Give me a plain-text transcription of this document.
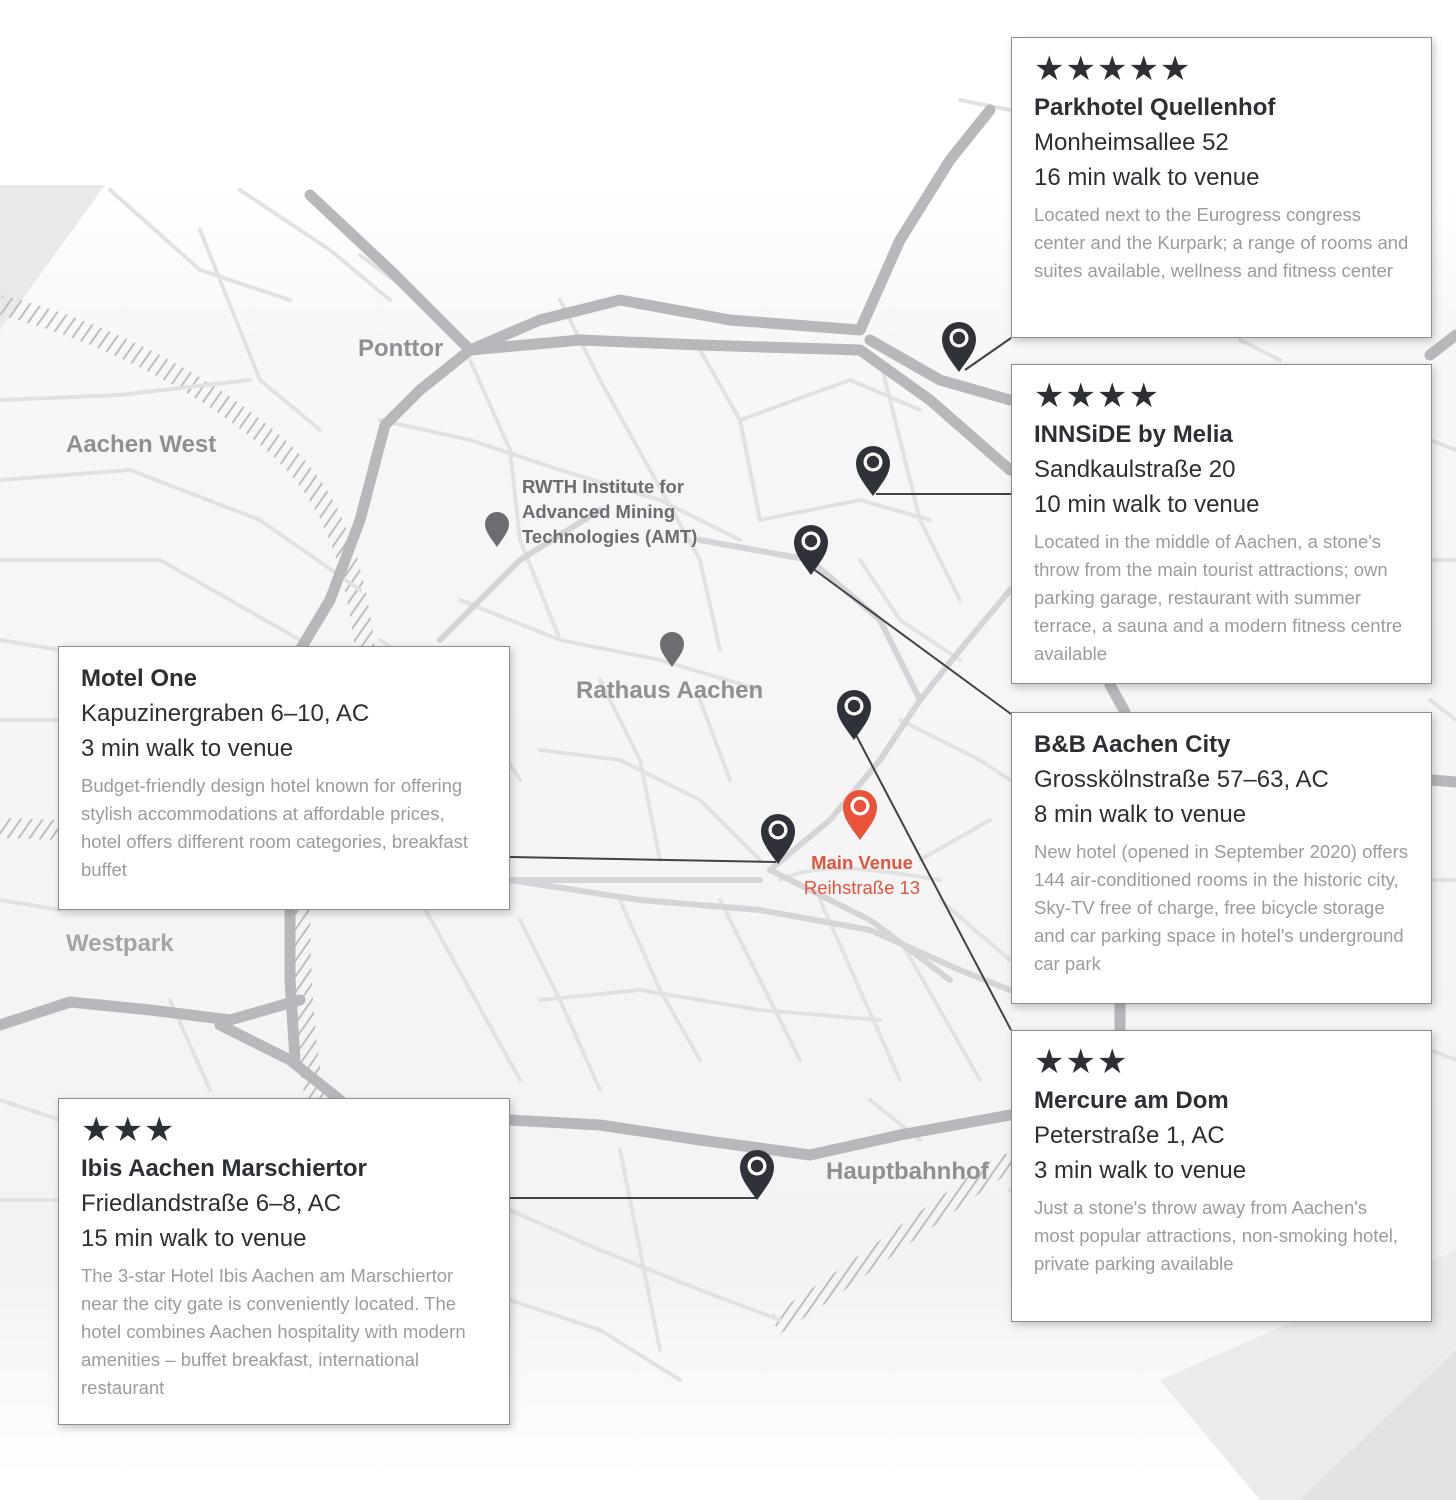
Ponttor
Aachen West
Westpark
Rathaus Aachen
Hauptbahnhof
RWTH Institute for
Advanced Mining
Technologies (AMT)
Main Venue
Reihstraße 13
★★★★★
Parkhotel Quellenhof
Monheimsallee 52
16 min walk to venue
Located next to the Eurogress congress center and the Kurpark; a range of rooms and suites available, wellness and fitness center
★★★★
INNSiDE by Melia
Sandkaulstraße 20
10 min walk to venue
Located in the middle of Aachen, a stone's throw from the main tourist attractions; own parking garage, restaurant with summer terrace, a sauna and a modern fitness centre available
Motel One
Kapuzinergraben 6–10, AC
3 min walk to venue
Budget-friendly design hotel known for offering stylish accommodations at affordable prices, hotel offers different room categories, breakfast buffet
B&B Aachen City
Grosskölnstraße 57–63, AC
8 min walk to venue
New hotel (opened in September 2020) offers 144 air-conditioned rooms in the historic city, Sky-TV free of charge, free bicycle storage and car parking space in hotel's underground car park
★★★
Mercure am Dom
Peterstraße 1, AC
3 min walk to venue
Just a stone's throw away from Aachen's most popular attractions, non-smoking hotel, private parking available
★★★
Ibis Aachen Marschiertor
Friedlandstraße 6–8, AC
15 min walk to venue
The 3-star Hotel Ibis Aachen am Marschiertor near the city gate is conveniently located. The hotel combines Aachen hospitality with modern amenities – buffet breakfast, international restaurant
